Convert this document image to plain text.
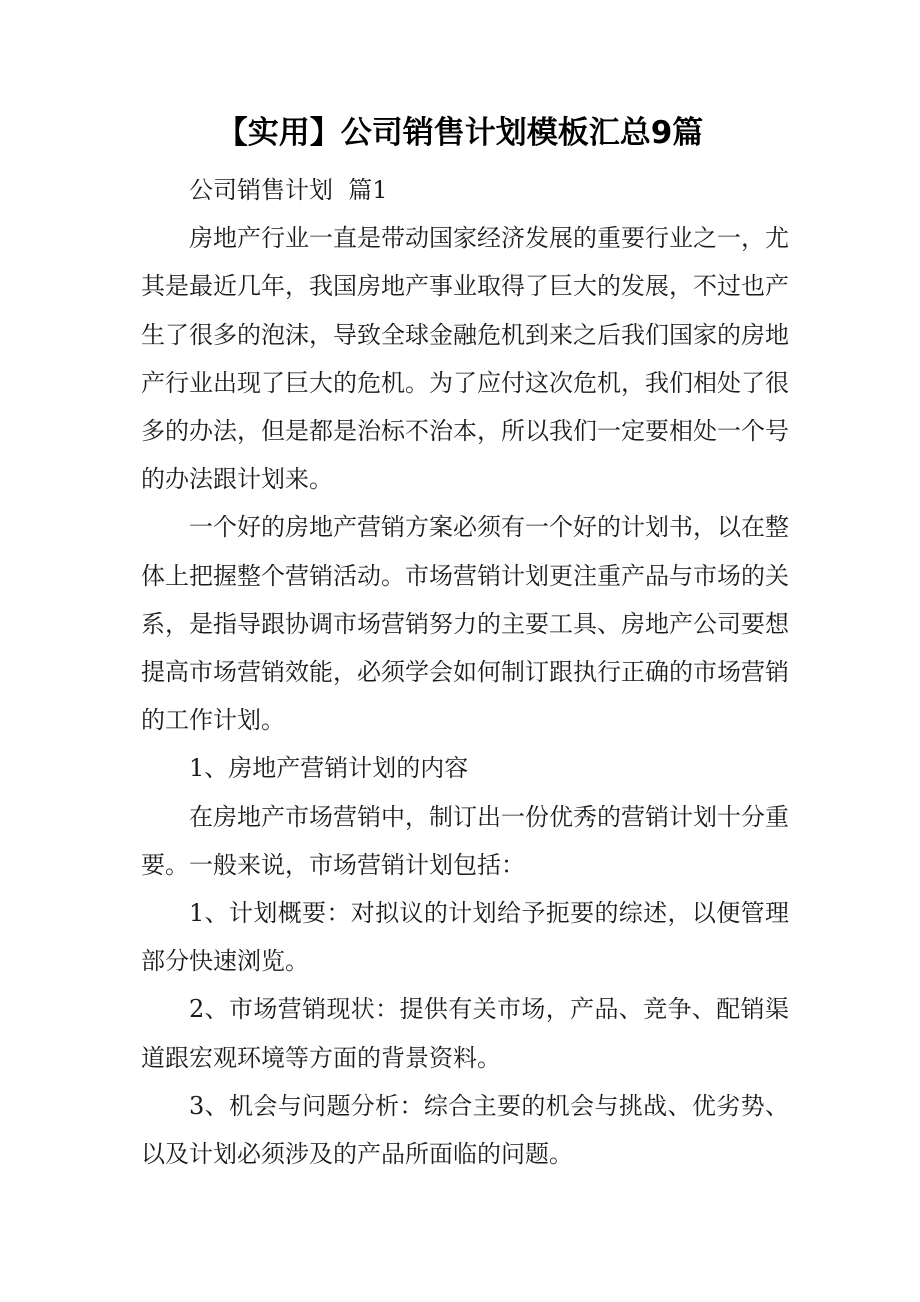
【实用】公司销售计划模板汇总9篇

公司销售计划  篇1

房地产行业一直是带动国家经济发展的重要行业之一，尤其是最近几年，我国房地产事业取得了巨大的发展，不过也产生了很多的泡沫，导致全球金融危机到来之后我们国家的房地产行业出现了巨大的危机。为了应付这次危机，我们相处了很多的办法，但是都是治标不治本，所以我们一定要相处一个号的办法跟计划来。

一个好的房地产营销方案必须有一个好的计划书，以在整体上把握整个营销活动。市场营销计划更注重产品与市场的关系，是指导跟协调市场营销努力的主要工具、房地产公司要想提高市场营销效能，必须学会如何制订跟执行正确的市场营销的工作计划。

1、房地产营销计划的内容

在房地产市场营销中，制订出一份优秀的营销计划十分重要。一般来说，市场营销计划包括：

1、计划概要：对拟议的计划给予扼要的综述，以便管理部分快速浏览。

2、市场营销现状：提供有关市场，产品、竞争、配销渠道跟宏观环境等方面的背景资料。

3、机会与问题分析：综合主要的机会与挑战、优劣势、以及计划必须涉及的产品所面临的问题。
